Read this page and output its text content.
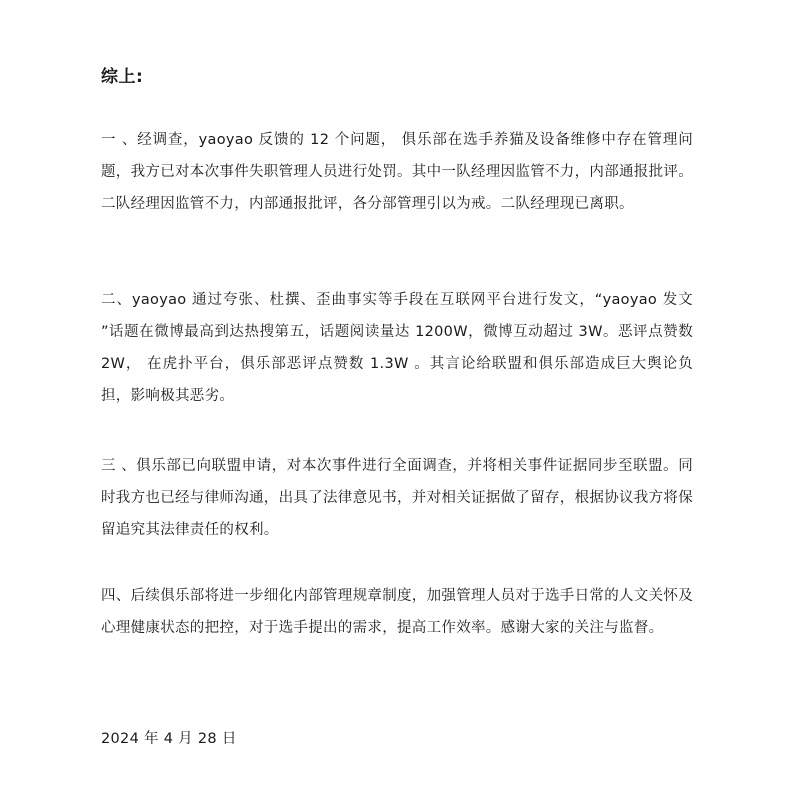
综上:

一 、经调查，yaoyao 反馈的 12 个问题， 俱乐部在选手养猫及设备维修中存在管理问题，我方已对本次事件失职管理人员进行处罚。其中一队经理因监管不力，内部通报批评。二队经理因监管不力，内部通报批评，各分部管理引以为戒。二队经理现已离职。

二、yaoyao 通过夸张、杜撰、歪曲事实等手段在互联网平台进行发文，“yaoyao 发文 ”话题在微博最高到达热搜第五，话题阅读量达 1200W，微博互动超过 3W。恶评点赞数 2W， 在虎扑平台，俱乐部恶评点赞数 1.3W 。其言论给联盟和俱乐部造成巨大舆论负担，影响极其恶劣。

三 、俱乐部已向联盟申请，对本次事件进行全面调查，并将相关事件证据同步至联盟。同时我方也已经与律师沟通，出具了法律意见书，并对相关证据做了留存，根据协议我方将保留追究其法律责任的权利。

四、后续俱乐部将进一步细化内部管理规章制度，加强管理人员对于选手日常的人文关怀及心理健康状态的把控，对于选手提出的需求，提高工作效率。感谢大家的关注与监督。

2024 年 4 月 28 日
